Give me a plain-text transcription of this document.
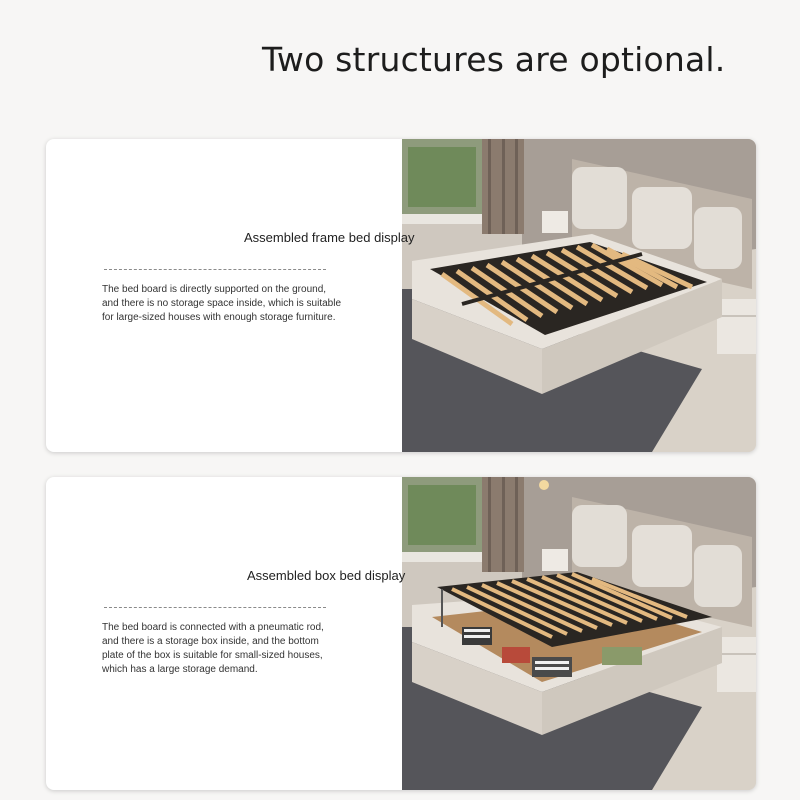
Two structures are optional.
Assembled frame bed display
The bed board is directly supported on the ground, and there is no storage space inside, which is suitable for large-sized houses with enough storage furniture.
Assembled box bed display
The bed board is connected with a pneumatic rod, and there is a storage box inside, and the bottom plate of the box is suitable for small-sized houses, which has a large storage demand.
